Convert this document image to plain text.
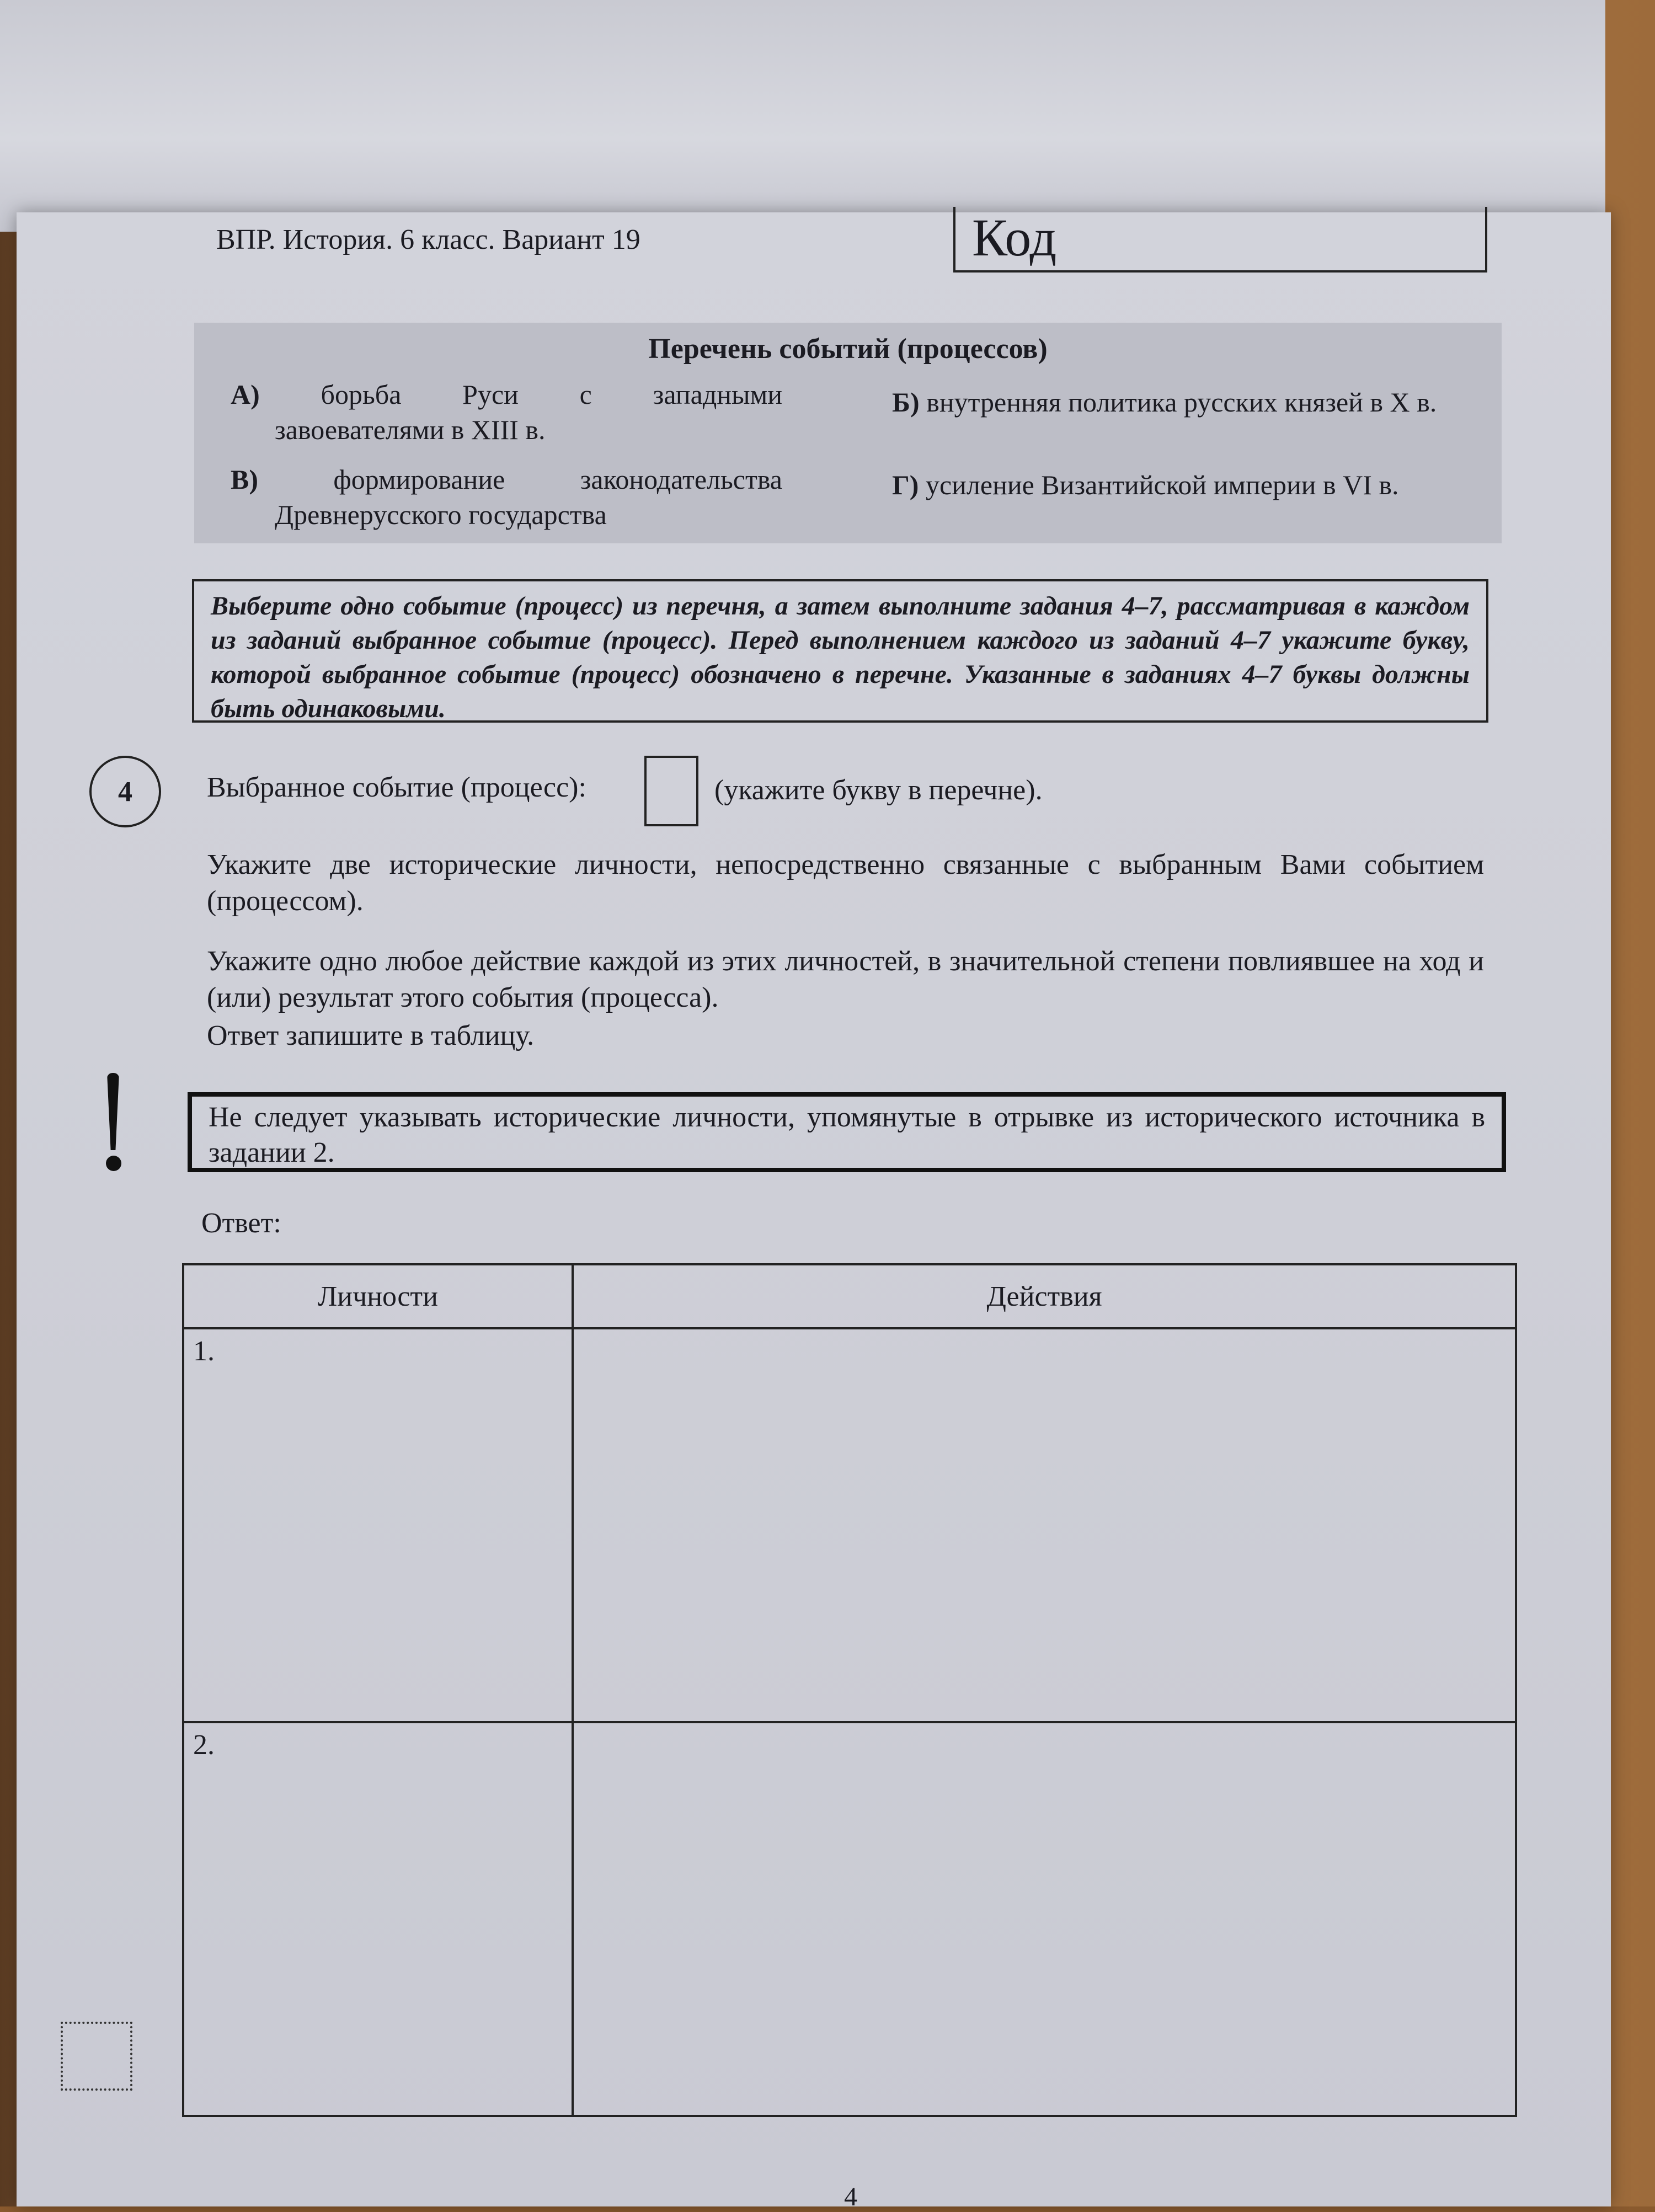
ВПР. История. 6 класс. Вариант 19	Код
Перечень событий (процессов)
А) борьба Руси с западными
завоевателями в XIII в.
Б) внутренняя политика русских князей в X в.
В)	формирование законодательства
Древнерусского государства
Г) усиление Византийской империи в VI в.
Выберите одно событие (процесс) из перечня, а затем выполните задания 4–7, рассматривая в каждом из заданий выбранное событие (процесс). Перед выполнением каждого из заданий 4–7 укажите букву, которой выбранное событие (процесс) обозначено в перечне. Указанные в заданиях 4–7 буквы должны быть одинаковыми.
4	Выбранное событие (процесс):	(укажите букву в перечне).
Укажите две исторические личности, непосредственно связанные с выбранным Вами событием (процессом).
Укажите одно любое действие каждой из этих личностей, в значительной степени повлиявшее на ход и (или) результат этого события (процесса).
Ответ запишите в таблицу.
Не следует указывать исторические личности, упомянутые в отрывке из исторического источника в задании 2.
Ответ:
Личности	Действия
1.	
2.	
4
